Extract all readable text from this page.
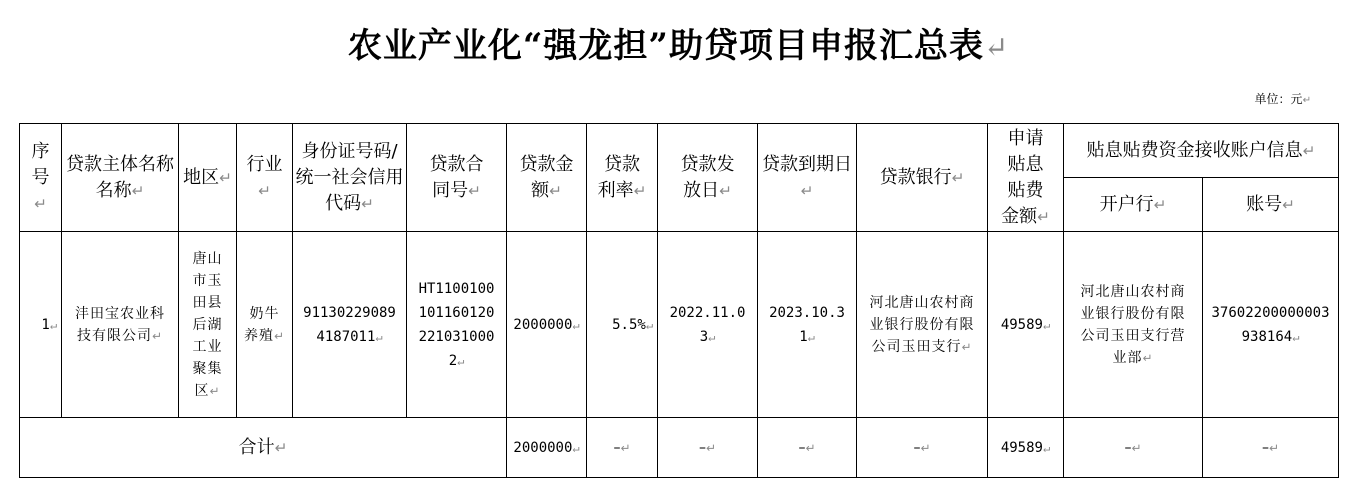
农业产业化“强龙担”助贷项目申报汇总表↵
单位：元↵
序号↵	贷款主体名称名称↵	地区↵	行业↵	身份证号码/统一社会信用代码↵	贷款合同号↵	贷款金额↵	贷款利率↵	贷款发放日↵	贷款到期日↵	贷款银行↵	申请贴息贴费金额↵	贴息贴费资金接收账户信息↵	
												开户行↵	账号↵
1↵	沣田宝农业科技有限公司↵	唐山市玉田县后湖工业聚集区↵	奶牛养殖↵	911302290894187011↵	HT11001001011601202210310002↵	2000000↵	5.5%↵	2022.11.03↵	2023.10.31↵	河北唐山农村商业银行股份有限公司玉田支行↵	49589↵	河北唐山农村商业银行股份有限公司玉田支行营业部↵	37602200000003938164↵
合计↵						2000000↵	–↵	–↵	–↵	–↵	49589↵	–↵	–↵
